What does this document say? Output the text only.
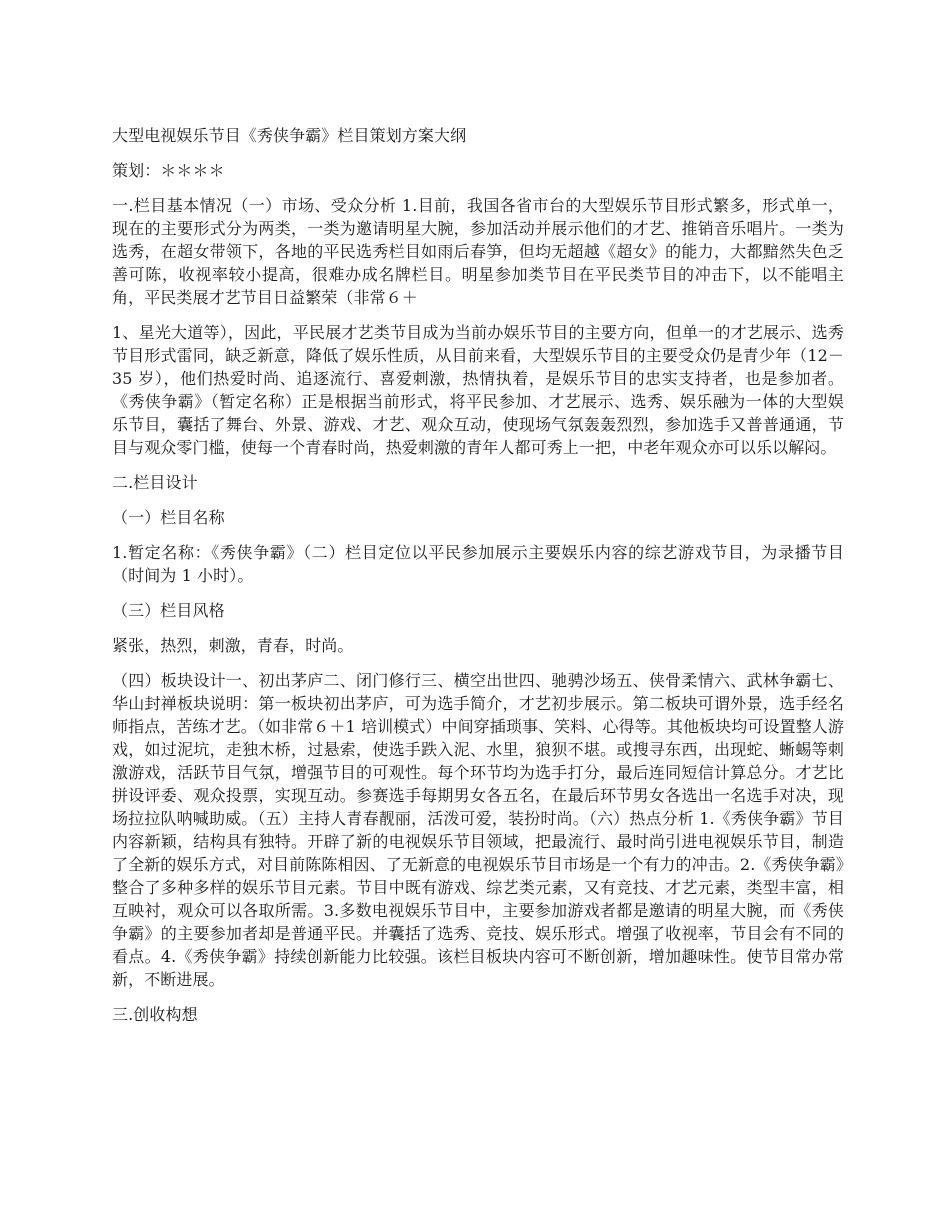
大型电视娱乐节目《秀侠争霸》栏目策划方案大纲

策划：＊＊＊＊

一.栏目基本情况（一）市场、受众分析 1.目前，我国各省市台的大型娱乐节目形式繁多，形式单一，现在的主要形式分为两类，一类为邀请明星大腕，参加活动并展示他们的才艺、推销音乐唱片。一类为选秀，在超女带领下，各地的平民选秀栏目如雨后春笋，但均无超越《超女》的能力，大都黯然失色乏善可陈，收视率较小提高，很难办成名牌栏目。明星参加类节目在平民类节目的冲击下，以不能唱主角，平民类展才艺节目日益繁荣（非常６＋

1、星光大道等），因此，平民展才艺类节目成为当前办娱乐节目的主要方向，但单一的才艺展示、选秀节目形式雷同，缺乏新意，降低了娱乐性质，从目前来看，大型娱乐节目的主要受众仍是青少年（12－35 岁），他们热爱时尚、追逐流行、喜爱刺激，热情执着，是娱乐节目的忠实支持者，也是参加者。《秀侠争霸》（暂定名称）正是根据当前形式，将平民参加、才艺展示、选秀、娱乐融为一体的大型娱乐节目，囊括了舞台、外景、游戏、才艺、观众互动，使现场气氛轰轰烈烈，参加选手又普普通通，节目与观众零门槛，使每一个青春时尚，热爱刺激的青年人都可秀上一把，中老年观众亦可以乐以解闷。

二.栏目设计

（一）栏目名称

1.暂定名称：《秀侠争霸》（二）栏目定位以平民参加展示主要娱乐内容的综艺游戏节目，为录播节目（时间为 1 小时）。

（三）栏目风格

紧张，热烈，刺激，青春，时尚。

（四）板块设计一、初出茅庐二、闭门修行三、横空出世四、驰骋沙场五、侠骨柔情六、武林争霸七、华山封禅板块说明：第一板块初出茅庐，可为选手简介，才艺初步展示。第二板块可谓外景，选手经名师指点，苦练才艺。（如非常６＋1 培训模式）中间穿插琐事、笑料、心得等。其他板块均可设置整人游戏，如过泥坑，走独木桥，过悬索，使选手跌入泥、水里，狼狈不堪。或搜寻东西，出现蛇、蜥蜴等刺激游戏，活跃节目气氛，增强节目的可观性。每个环节均为选手打分，最后连同短信计算总分。才艺比拼设评委、观众投票，实现互动。参赛选手每期男女各五名，在最后环节男女各选出一名选手对决，现场拉拉队呐喊助威。（五）主持人青春靓丽，活泼可爱，装扮时尚。（六）热点分析 1.《秀侠争霸》节目内容新颖，结构具有独特。开辟了新的电视娱乐节目领域，把最流行、最时尚引进电视娱乐节目，制造了全新的娱乐方式，对目前陈陈相因、了无新意的电视娱乐节目市场是一个有力的冲击。2.《秀侠争霸》整合了多种多样的娱乐节目元素。节目中既有游戏、综艺类元素，又有竞技、才艺元素，类型丰富，相互映衬，观众可以各取所需。3.多数电视娱乐节目中，主要参加游戏者都是邀请的明星大腕，而《秀侠争霸》的主要参加者却是普通平民。并囊括了选秀、竞技、娱乐形式。增强了收视率，节目会有不同的看点。4.《秀侠争霸》持续创新能力比较强。该栏目板块内容可不断创新，增加趣味性。使节目常办常新，不断进展。

三.创收构想
